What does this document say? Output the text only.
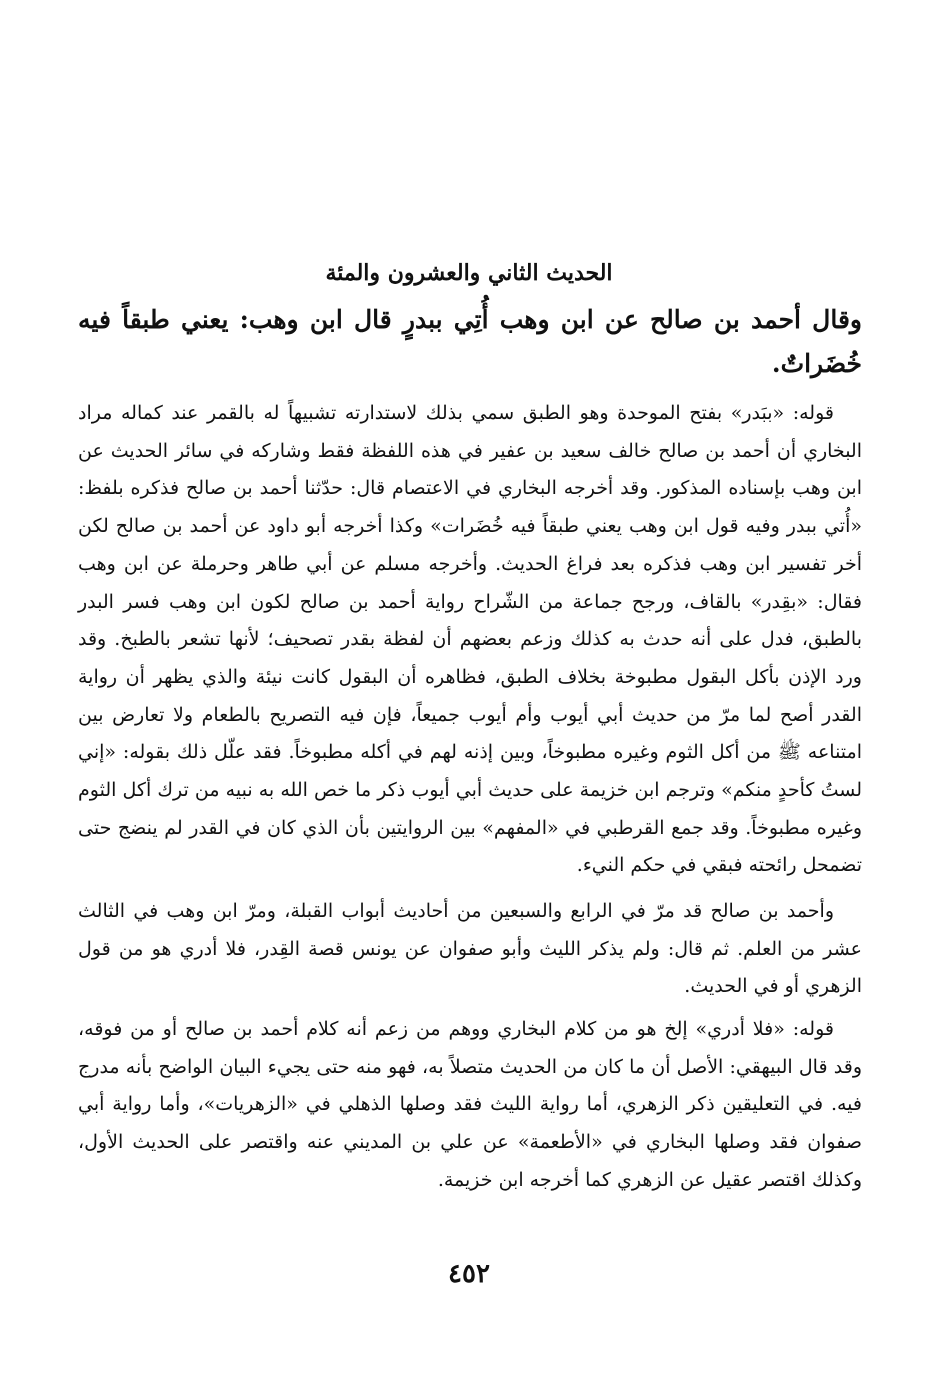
الحديث الثاني والعشرون والمئة
وقال أحمد بن صالح عن ابن وهب أُتِي ببدرٍ قال ابن وهب: يعني طبقاً فيه خُضَراتٌ.

قوله: «ببَدر» بفتح الموحدة وهو الطبق سمي بذلك لاستدارته تشبيهاً له بالقمر عند كماله مراد البخاري أن أحمد بن صالح خالف سعيد بن عفير في هذه اللفظة فقط وشاركه في سائر الحديث عن ابن وهب بإسناده المذكور. وقد أخرجه البخاري في الاعتصام قال: حدّثنا أحمد بن صالح فذكره بلفظ: «أُتي ببدر وفيه قول ابن وهب يعني طبقاً فيه خُضَرات» وكذا أخرجه أبو داود عن أحمد بن صالح لكن أخر تفسير ابن وهب فذكره بعد فراغ الحديث. وأخرجه مسلم عن أبي طاهر وحرملة عن ابن وهب فقال: «بقِدر» بالقاف، ورجح جماعة من الشّراح رواية أحمد بن صالح لكون ابن وهب فسر البدر بالطبق، فدل على أنه حدث به كذلك وزعم بعضهم أن لفظة بقدر تصحيف؛ لأنها تشعر بالطبخ. وقد ورد الإذن بأكل البقول مطبوخة بخلاف الطبق، فظاهره أن البقول كانت نيئة والذي يظهر أن رواية القدر أصح لما مرّ من حديث أبي أيوب وأم أيوب جميعاً، فإن فيه التصريح بالطعام ولا تعارض بين امتناعه ﷺ من أكل الثوم وغيره مطبوخاً، وبين إذنه لهم في أكله مطبوخاً. فقد علّل ذلك بقوله: «إني لستُ كأحدٍ منكم» وترجم ابن خزيمة على حديث أبي أيوب ذكر ما خص الله به نبيه من ترك أكل الثوم وغيره مطبوخاً. وقد جمع القرطبي في «المفهم» بين الروايتين بأن الذي كان في القدر لم ينضج حتى تضمحل رائحته فبقي في حكم النيء.

وأحمد بن صالح قد مرّ في الرابع والسبعين من أحاديث أبواب القبلة، ومرّ ابن وهب في الثالث عشر من العلم. ثم قال: ولم يذكر الليث وأبو صفوان عن يونس قصة القِدر، فلا أدري هو من قول الزهري أو في الحديث.

قوله: «فلا أدري» إلخ هو من كلام البخاري ووهم من زعم أنه كلام أحمد بن صالح أو من فوقه، وقد قال البيهقي: الأصل أن ما كان من الحديث متصلاً به، فهو منه حتى يجيء البيان الواضح بأنه مدرج فيه. في التعليقين ذكر الزهري، أما رواية الليث فقد وصلها الذهلي في «الزهريات»، وأما رواية أبي صفوان فقد وصلها البخاري في «الأطعمة» عن علي بن المديني عنه واقتصر على الحديث الأول، وكذلك اقتصر عقيل عن الزهري كما أخرجه ابن خزيمة.

٤٥٢
